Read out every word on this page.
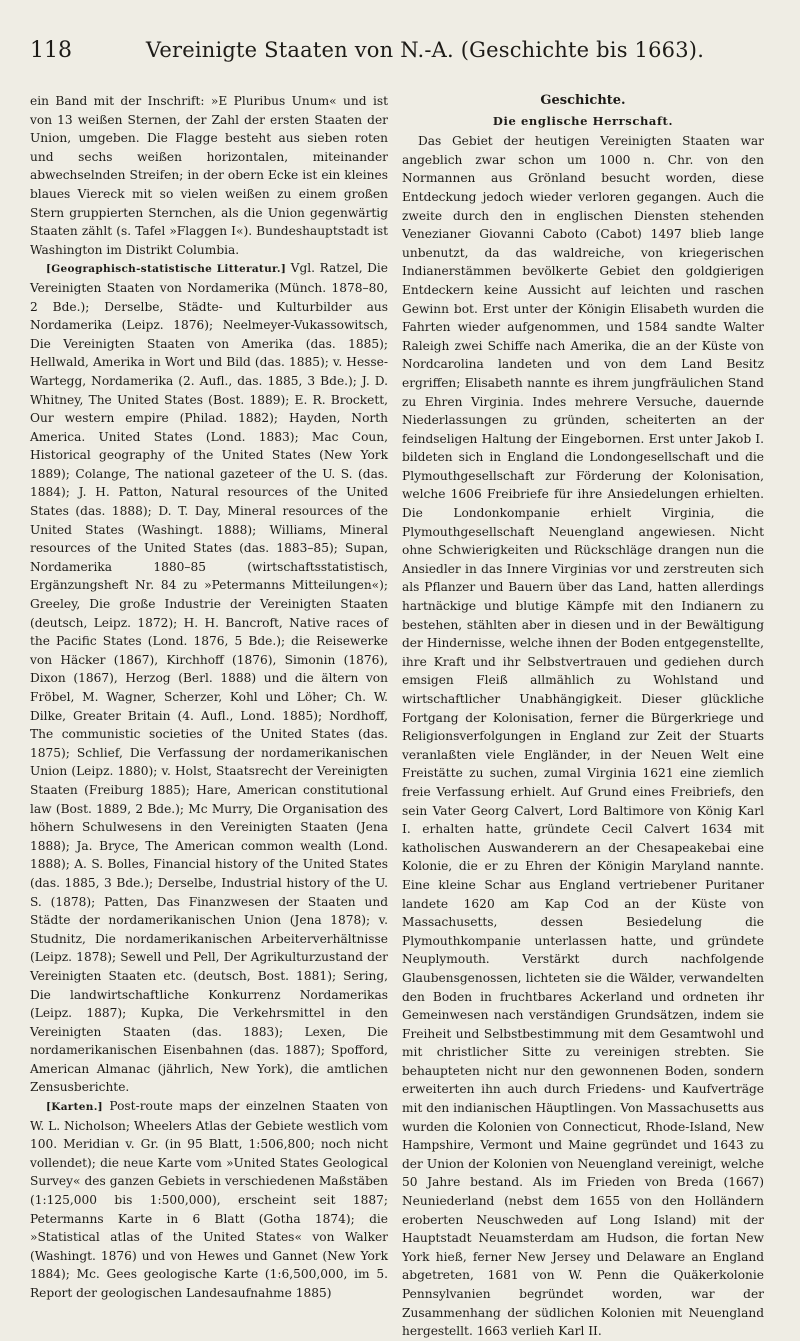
118	Vereinigte Staaten von N.-A. (Geschichte bis 1663).

ein Band mit der Inschrift: »E Pluribus Unum« und ist von 13 weißen Sternen, der Zahl der ersten Staaten der Union, umgeben. Die Flagge besteht aus sieben roten und sechs weißen horizontalen, miteinander abwechselnden Streifen; in der obern Ecke ist ein kleines blaues Viereck mit so vielen weißen zu einem großen Stern gruppierten Sternchen, als die Union gegenwärtig Staaten zählt (s. Tafel »Flaggen I«). Bundeshauptstadt ist Washington im Distrikt Columbia.

[Geographisch-statistische Litteratur.] Vgl. Ratzel, Die Vereinigten Staaten von Nordamerika (Münch. 1878–80, 2 Bde.); Derselbe, Städte- und Kulturbilder aus Nordamerika (Leipz. 1876); Neelmeyer-Vukassowitsch, Die Vereinigten Staaten von Amerika (das. 1885); Hellwald, Amerika in Wort und Bild (das. 1885); v. Hesse-Wartegg, Nordamerika (2. Aufl., das. 1885, 3 Bde.); J. D. Whitney, The United States (Bost. 1889); E. R. Brockett, Our western empire (Philad. 1882); Hayden, North America. United States (Lond. 1883); Mac Coun, Historical geography of the United States (New York 1889); Colange, The national gazeteer of the U. S. (das. 1884); J. H. Patton, Natural resources of the United States (das. 1888); D. T. Day, Mineral resources of the United States (Washingt. 1888); Williams, Mineral resources of the United States (das. 1883–85); Supan, Nordamerika 1880–85 (wirtschaftsstatistisch, Ergänzungsheft Nr. 84 zu »Petermanns Mitteilungen«); Greeley, Die große Industrie der Vereinigten Staaten (deutsch, Leipz. 1872); H. H. Bancroft, Native races of the Pacific States (Lond. 1876, 5 Bde.); die Reisewerke von Häcker (1867), Kirchhoff (1876), Simonin (1876), Dixon (1867), Herzog (Berl. 1888) und die ältern von Fröbel, M. Wagner, Scherzer, Kohl und Löher; Ch. W. Dilke, Greater Britain (4. Aufl., Lond. 1885); Nordhoff, The communistic societies of the United States (das. 1875); Schlief, Die Verfassung der nordamerikanischen Union (Leipz. 1880); v. Holst, Staatsrecht der Vereinigten Staaten (Freiburg 1885); Hare, American constitutional law (Bost. 1889, 2 Bde.); Mc Murry, Die Organisation des höhern Schulwesens in den Vereinigten Staaten (Jena 1888); Ja. Bryce, The American common wealth (Lond. 1888); A. S. Bolles, Financial history of the United States (das. 1885, 3 Bde.); Derselbe, Industrial history of the U. S. (1878); Patten, Das Finanzwesen der Staaten und Städte der nordamerikanischen Union (Jena 1878); v. Studnitz, Die nordamerikanischen Arbeiterverhältnisse (Leipz. 1878); Sewell und Pell, Der Agrikulturzustand der Vereinigten Staaten etc. (deutsch, Bost. 1881); Sering, Die landwirtschaftliche Konkurrenz Nordamerikas (Leipz. 1887); Kupka, Die Verkehrsmittel in den Vereinigten Staaten (das. 1883); Lexen, Die nordamerikanischen Eisenbahnen (das. 1887); Spofford, American Almanac (jährlich, New York), die amtlichen Zensusberichte.

[Karten.] Post-route maps der einzelnen Staaten von W. L. Nicholson; Wheelers Atlas der Gebiete westlich vom 100. Meridian v. Gr. (in 95 Blatt, 1:506,800; noch nicht vollendet); die neue Karte vom »United States Geological Survey« des ganzen Gebiets in verschiedenen Maßstäben (1:125,000 bis 1:500,000), erscheint seit 1887; Petermanns Karte in 6 Blatt (Gotha 1874); die »Statistical atlas of the United States« von Walker (Washingt. 1876) und von Hewes und Gannet (New York 1884); Mc. Gees geologische Karte (1:6,500,000, im 5. Report der geologischen Landesaufnahme 1885)

Geschichte.
Die englische Herrschaft.

Das Gebiet der heutigen Vereinigten Staaten war angeblich zwar schon um 1000 n. Chr. von den Normannen aus Grönland besucht worden, diese Entdeckung jedoch wieder verloren gegangen. Auch die zweite durch den in englischen Diensten stehenden Venezianer Giovanni Caboto (Cabot) 1497 blieb lange unbenutzt, da das waldreiche, von kriegerischen Indianerstämmen bevölkerte Gebiet den goldgierigen Entdeckern keine Aussicht auf leichten und raschen Gewinn bot. Erst unter der Königin Elisabeth wurden die Fahrten wieder aufgenommen, und 1584 sandte Walter Raleigh zwei Schiffe nach Amerika, die an der Küste von Nordcarolina landeten und von dem Land Besitz ergriffen; Elisabeth nannte es ihrem jungfräulichen Stand zu Ehren Virginia. Indes mehrere Versuche, dauernde Niederlassungen zu gründen, scheiterten an der feindseligen Haltung der Eingebornen. Erst unter Jakob I. bildeten sich in England die Londongesellschaft und die Plymouthgesellschaft zur Förderung der Kolonisation, welche 1606 Freibriefe für ihre Ansiedelungen erhielten. Die Londonkompanie erhielt Virginia, die Plymouthgesellschaft Neuengland angewiesen. Nicht ohne Schwierigkeiten und Rückschläge drangen nun die Ansiedler in das Innere Virginias vor und zerstreuten sich als Pflanzer und Bauern über das Land, hatten allerdings hartnäckige und blutige Kämpfe mit den Indianern zu bestehen, stählten aber in diesen und in der Bewältigung der Hindernisse, welche ihnen der Boden entgegenstellte, ihre Kraft und ihr Selbstvertrauen und gediehen durch emsigen Fleiß allmählich zu Wohlstand und wirtschaftlicher Unabhängigkeit. Dieser glückliche Fortgang der Kolonisation, ferner die Bürgerkriege und Religionsverfolgungen in England zur Zeit der Stuarts veranlaßten viele Engländer, in der Neuen Welt eine Freistätte zu suchen, zumal Virginia 1621 eine ziemlich freie Verfassung erhielt. Auf Grund eines Freibriefs, den sein Vater Georg Calvert, Lord Baltimore von König Karl I. erhalten hatte, gründete Cecil Calvert 1634 mit katholischen Auswanderern an der Chesapeakebai eine Kolonie, die er zu Ehren der Königin Maryland nannte. Eine kleine Schar aus England vertriebener Puritaner landete 1620 am Kap Cod an der Küste von Massachusetts, dessen Besiedelung die Plymouthkompanie unterlassen hatte, und gründete Neuplymouth. Verstärkt durch nachfolgende Glaubensgenossen, lichteten sie die Wälder, verwandelten den Boden in fruchtbares Ackerland und ordneten ihr Gemeinwesen nach verständigen Grundsätzen, indem sie Freiheit und Selbstbestimmung mit dem Gesamtwohl und mit christlicher Sitte zu vereinigen strebten. Sie behaupteten nicht nur den gewonnenen Boden, sondern erweiterten ihn auch durch Friedens- und Kaufverträge mit den indianischen Häuptlingen. Von Massachusetts aus wurden die Kolonien von Connecticut, Rhode-Island, New Hampshire, Vermont und Maine gegründet und 1643 zu der Union der Kolonien von Neuengland vereinigt, welche 50 Jahre bestand. Als im Frieden von Breda (1667) Neuniederland (nebst dem 1655 von den Holländern eroberten Neuschweden auf Long Island) mit der Hauptstadt Neuamsterdam am Hudson, die fortan New York hieß, ferner New Jersey und Delaware an England abgetreten, 1681 von W. Penn die Quäkerkolonie Pennsylvanien begründet worden, war der Zusammenhang der südlichen Kolonien mit Neuengland hergestellt. 1663 verlieh Karl II.
